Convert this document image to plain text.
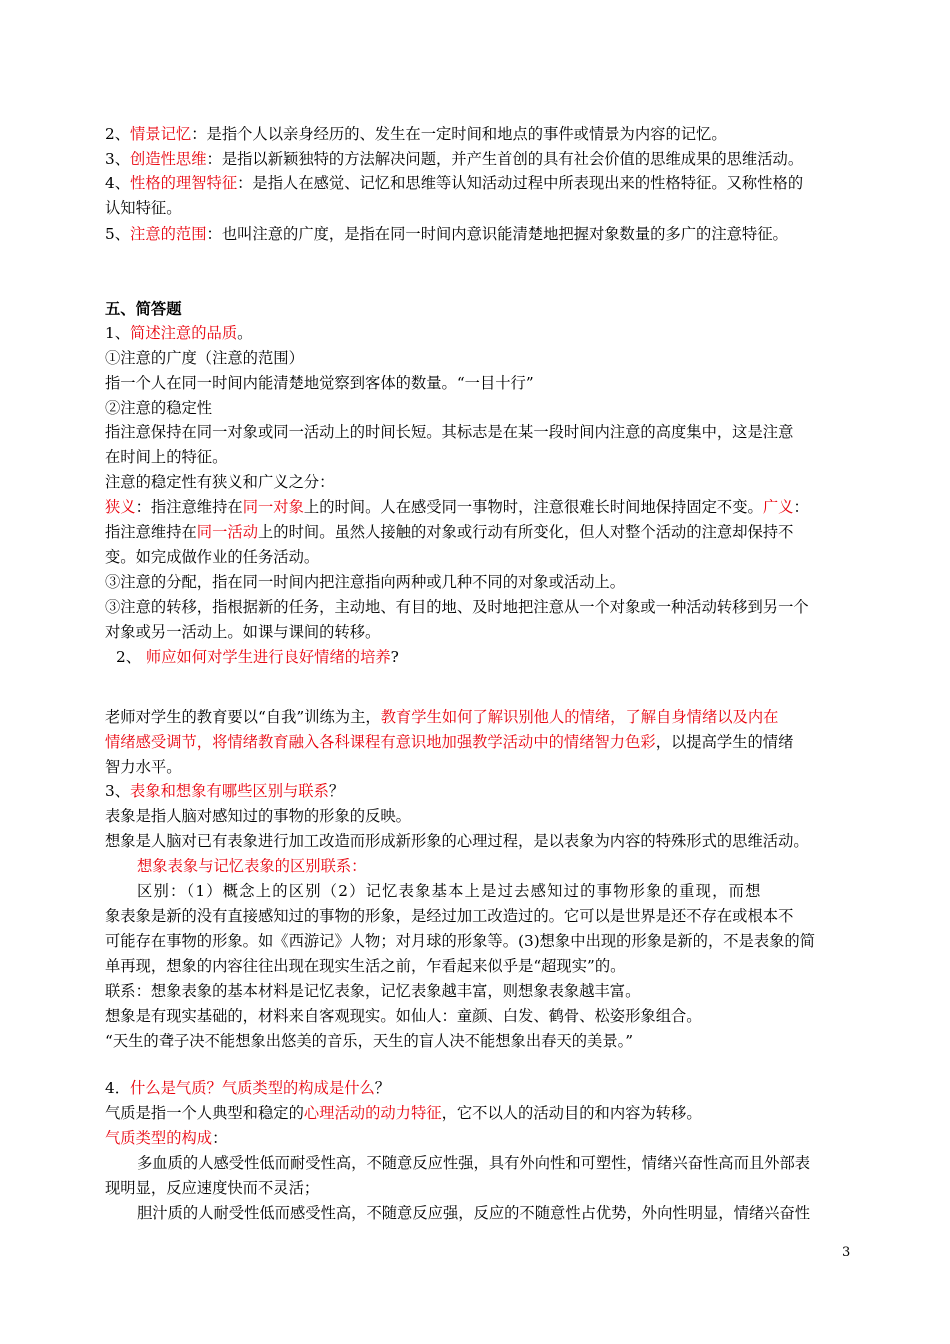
2、情景记忆：是指个人以亲身经历的、发生在一定时间和地点的事件或情景为内容的记忆。
3、创造性思维：是指以新颖独特的方法解决问题，并产生首创的具有社会价值的思维成果的思维活动。
4、性格的理智特征：是指人在感觉、记忆和思维等认知活动过程中所表现出来的性格特征。又称性格的
认知特征。
5、注意的范围：也叫注意的广度，是指在同一时间内意识能清楚地把握对象数量的多广的注意特征。
五、简答题
1、简述注意的品质。
①注意的广度（注意的范围）
指一个人在同一时间内能清楚地觉察到客体的数量。“一目十行”
②注意的稳定性
指注意保持在同一对象或同一活动上的时间长短。其标志是在某一段时间内注意的高度集中，这是注意
在时间上的特征。
注意的稳定性有狭义和广义之分：
狭义：指注意维持在同一对象上的时间。人在感受同一事物时，注意很难长时间地保持固定不变。广义：
指注意维持在同一活动上的时间。虽然人接触的对象或行动有所变化，但人对整个活动的注意却保持不
变。如完成做作业的任务活动。
③注意的分配，指在同一时间内把注意指向两种或几种不同的对象或活动上。
③注意的转移，指根据新的任务，主动地、有目的地、及时地把注意从一个对象或一种活动转移到另一个
对象或另一活动上。如课与课间的转移。
2、 师应如何对学生进行良好情绪的培养?
老师对学生的教育要以“自我”训练为主，教育学生如何了解识别他人的情绪，了解自身情绪以及内在
情绪感受调节，将情绪教育融入各科课程有意识地加强教学活动中的情绪智力色彩，以提高学生的情绪
智力水平。
3、表象和想象有哪些区别与联系？
表象是指人脑对感知过的事物的形象的反映。
想象是人脑对已有表象进行加工改造而形成新形象的心理过程，是以表象为内容的特殊形式的思维活动。
想象表象与记忆表象的区别联系：
区别：（1）概念上的区别（2）记忆表象基本上是过去感知过的事物形象的重现，而想
象表象是新的没有直接感知过的事物的形象，是经过加工改造过的。它可以是世界是还不存在或根本不
可能存在事物的形象。如《西游记》人物；对月球的形象等。(3)想象中出现的形象是新的，不是表象的简
单再现，想象的内容往往出现在现实生活之前，乍看起来似乎是“超现实”的。
联系：想象表象的基本材料是记忆表象，记忆表象越丰富，则想象表象越丰富。
想象是有现实基础的，材料来自客观现实。如仙人：童颜、白发、鹤骨、松姿形象组合。
“天生的聋子决不能想象出悠美的音乐，天生的盲人决不能想象出春天的美景。”
4．什么是气质？气质类型的构成是什么？
气质是指一个人典型和稳定的心理活动的动力特征，它不以人的活动目的和内容为转移。
气质类型的构成：
多血质的人感受性低而耐受性高，不随意反应性强，具有外向性和可塑性，情绪兴奋性高而且外部表
现明显，反应速度快而不灵活；
胆汁质的人耐受性低而感受性高，不随意反应强，反应的不随意性占优势，外向性明显，情绪兴奋性
3
